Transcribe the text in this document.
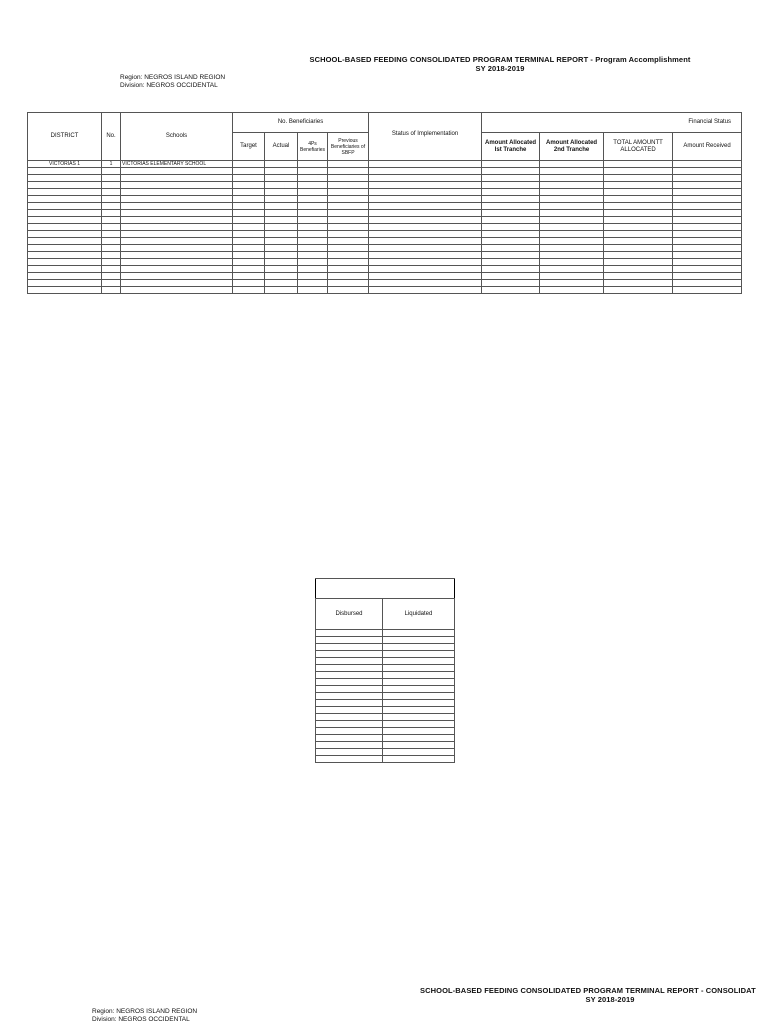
SCHOOL-BASED FEEDING CONSOLIDATED PROGRAM TERMINAL REPORT - Program Accomplishment
SY 2018-2019
Region: NEGROS ISLAND REGION
Division: NEGROS OCCIDENTAL
DISTRICT	No.	Schools	No. Beneficiaries				Status of Implementation	Financial Status			
			Target	Actual	4Ps Benefiaries	Previous Beneficiaries of SBFP		Amount Allocated Ist Tranche	Amount Allocated 2nd Tranche	TOTAL AMOUNTT ALLOCATED	Amount Received
VICTORIAS 1	1	VICTORIAS ELEMENTARY SCHOOL									

Disbursed	Liquidated

SCHOOL-BASED FEEDING CONSOLIDATED PROGRAM TERMINAL REPORT - CONSOLIDAT
SY 2018-2019
Region: NEGROS ISLAND REGION
Division: NEGROS OCCIDENTAL
